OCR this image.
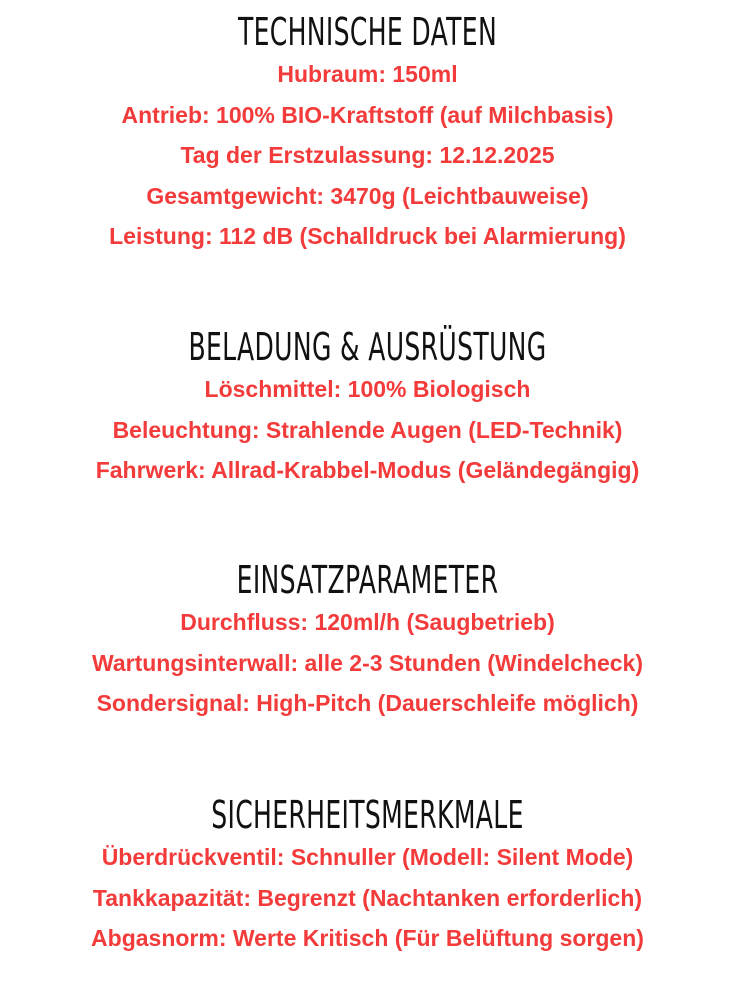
TECHNISCHE DATEN

Hubraum: 150ml

Antrieb: 100% BIO-Kraftstoff (auf Milchbasis)

Tag der Erstzulassung: 12.12.2025

Gesamtgewicht: 3470g (Leichtbauweise)

Leistung: 112 dB (Schalldruck bei Alarmierung)

BELADUNG & AUSRÜSTUNG

Löschmittel: 100% Biologisch

Beleuchtung: Strahlende Augen (LED-Technik)

Fahrwerk: Allrad-Krabbel-Modus (Geländegängig)

EINSATZPARAMETER

Durchfluss: 120ml/h (Saugbetrieb)

Wartungsinterwall: alle 2-3 Stunden (Windelcheck)

Sondersignal: High-Pitch (Dauerschleife möglich)

SICHERHEITSMERKMALE

Überdrückventil: Schnuller (Modell: Silent Mode)

Tankkapazität: Begrenzt (Nachtanken erforderlich)

Abgasnorm: Werte Kritisch (Für Belüftung sorgen)
